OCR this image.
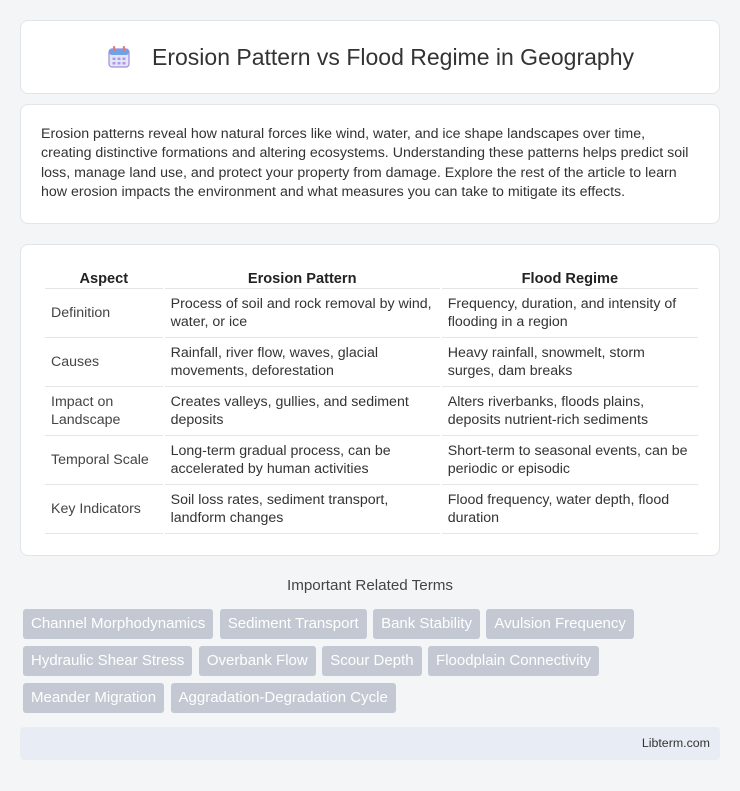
Erosion Pattern vs Flood Regime in Geography

Erosion patterns reveal how natural forces like wind, water, and ice shape landscapes over time, creating distinctive formations and altering ecosystems. Understanding these patterns helps predict soil loss, manage land use, and protect your property from damage. Explore the rest of the article to learn how erosion impacts the environment and what measures you can take to mitigate its effects.

Aspect	Erosion Pattern	Flood Regime
Definition	Process of soil and rock removal by wind, water, or ice	Frequency, duration, and intensity of flooding in a region
Causes	Rainfall, river flow, waves, glacial movements, deforestation	Heavy rainfall, snowmelt, storm surges, dam breaks
Impact on Landscape	Creates valleys, gullies, and sediment deposits	Alters riverbanks, floods plains, deposits nutrient-rich sediments
Temporal Scale	Long-term gradual process, can be accelerated by human activities	Short-term to seasonal events, can be periodic or episodic
Key Indicators	Soil loss rates, sediment transport, landform changes	Flood frequency, water depth, flood duration
Important Related Terms
Channel Morphodynamics Sediment Transport Bank Stability Avulsion Frequency Hydraulic Shear Stress Overbank Flow Scour Depth Floodplain Connectivity Meander Migration Aggradation-Degradation Cycle
Libterm.com
